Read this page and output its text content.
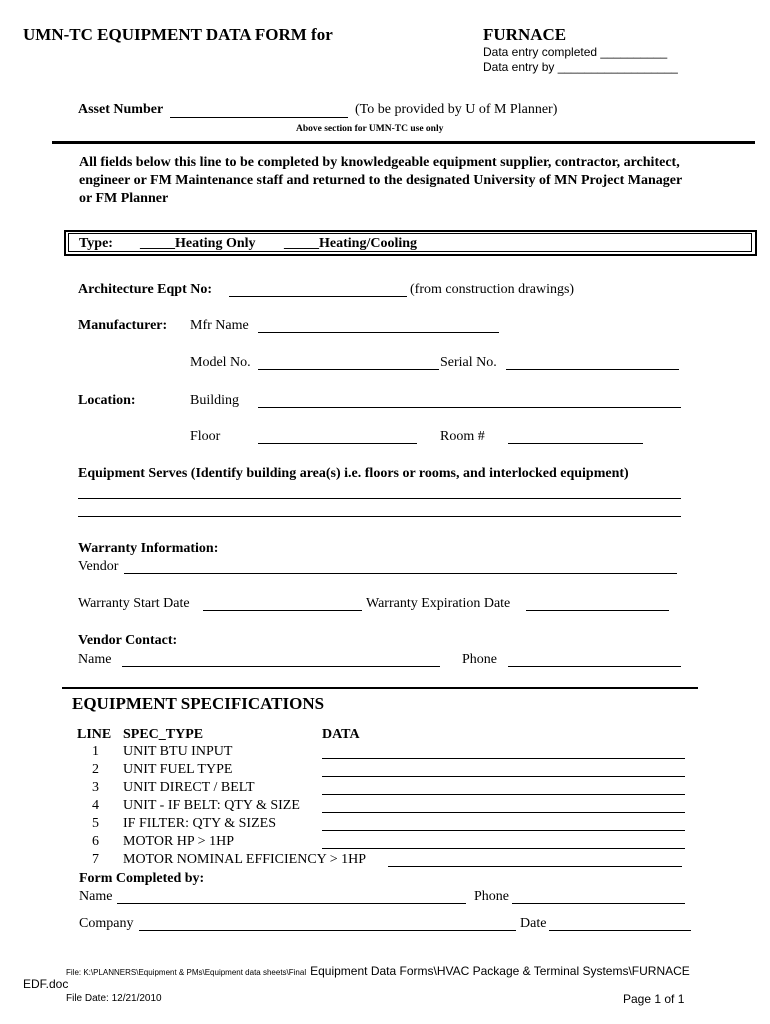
UMN-TC EQUIPMENT DATA FORM for	FURNACE
Data entry completed __________
Data entry by __________________
Asset Number	(To be provided by U of M Planner)
Above section for UMN-TC use only
All fields below this line to be completed by knowledgeable equipment supplier, contractor, architect,
engineer or FM Maintenance staff and returned to the designated University of MN Project Manager
or FM Planner
Type: _____Heating Only _____Heating/Cooling
Architecture Eqpt No:	(from construction drawings)
Manufacturer: Mfr Name
Model No.	Serial No.
Location:	Building
Floor	Room #
Equipment Serves (Identify building area(s) i.e. floors or rooms, and interlocked equipment)
Warranty Information:
Vendor
Warranty Start Date	Warranty Expiration Date
Vendor Contact:
Name	Phone
EQUIPMENT SPECIFICATIONS
LINE SPEC_TYPE	DATA
1 UNIT BTU INPUT
2 UNIT FUEL TYPE
3 UNIT DIRECT / BELT
4 UNIT - IF BELT: QTY & SIZE
5 IF FILTER: QTY & SIZES
6 MOTOR HP > 1HP
7 MOTOR NOMINAL EFFICIENCY > 1HP
Form Completed by:
Name	Phone
Company	Date
File: K:\PLANNERS\Equipment & PMs\Equipment data sheets\Final Equipment Data Forms\HVAC Package & Terminal Systems\FURNACE
EDF.doc
File Date: 12/21/2010	Page 1 of 1
